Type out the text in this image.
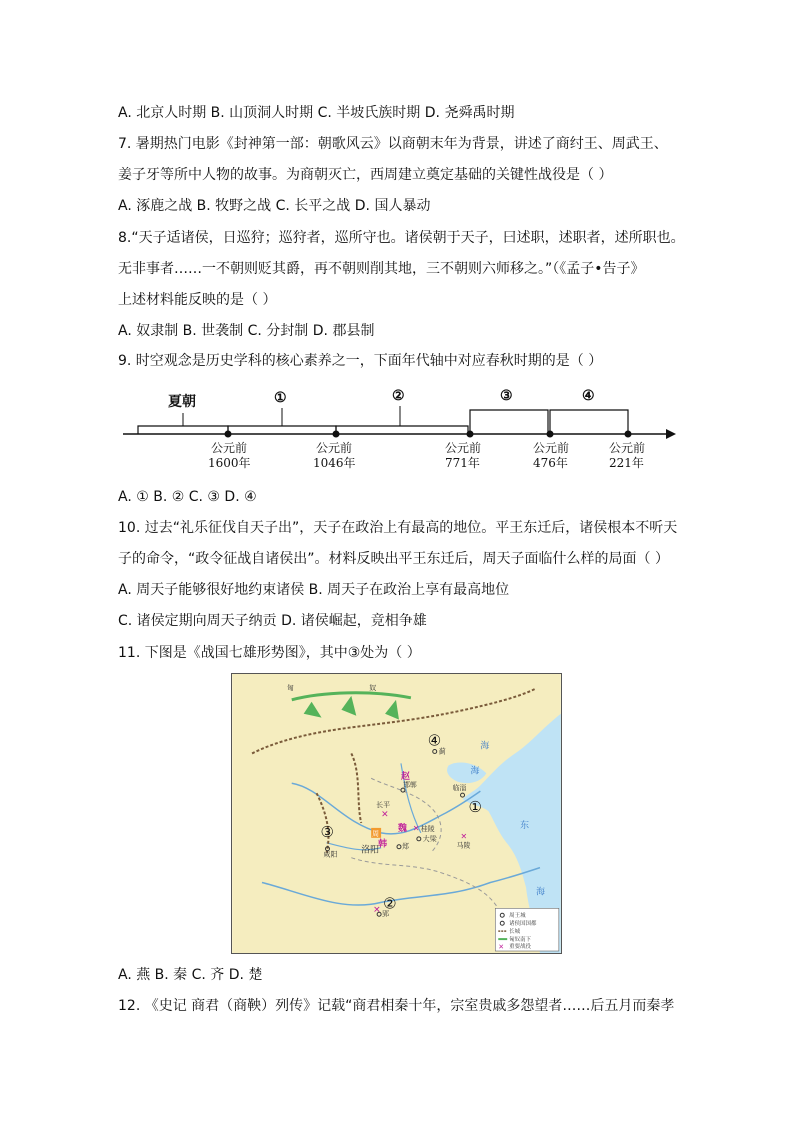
A. 北京人时期 B. 山顶洞人时期 C. 半坡氏族时期 D. 尧舜禹时期
7. 暑期热门电影《封神第一部：朝歌风云》以商朝末年为背景，讲述了商纣王、周武王、
姜子牙等所中人物的故事。为商朝灭亡，西周建立奠定基础的关键性战役是（ ）
A. 涿鹿之战 B. 牧野之战 C. 长平之战 D. 国人暴动
8.“天子适诸侯，日巡狩；巡狩者，巡所守也。诸侯朝于天子，曰述职，述职者，述所职也。
无非事者……一不朝则贬其爵，再不朝则削其地，三不朝则六师移之。”（《孟子•告子》
上述材料能反映的是（ ）
A. 奴隶制 B. 世袭制 C. 分封制 D. 郡县制
9. 时空观念是历史学科的核心素养之一，下面年代轴中对应春秋时期的是（ ）
夏朝	①	②	③	④
公元前
1600年
公元前
1046年
公元前
771年
公元前
476年
公元前
221年
A. ① B. ② C. ③ D. ④
10. 过去“礼乐征伐自天子出”，天子在政治上有最高的地位。平王东迁后，诸侯根本不听天
子的命令，“政令征战自诸侯出”。材料反映出平王东迁后，周天子面临什么样的局面（ ）
A. 周天子能够很好地约束诸侯 B. 周天子在政治上享有最高地位
C. 诸侯定期向周天子纳贡 D. 诸侯崛起，竞相争雄
11. 下图是《战国七雄形势图》，其中③处为（ ）
匈	奴
④
①
③
②
蓟
赵
邯郸
长平
✕
临淄
周 魏 ✕ 桂陵
大梁
韩 郑
洛阳
咸阳
✕
马陵
✕ 郢
海
海
东
海
周王城
诸侯国国都
长城
匈奴南下
✕ 重要战役
A. 燕 B. 秦 C. 齐 D. 楚
12. 《史记 商君（商鞅）列传》记载“商君相秦十年，宗室贵戚多怨望者……后五月而秦孝
